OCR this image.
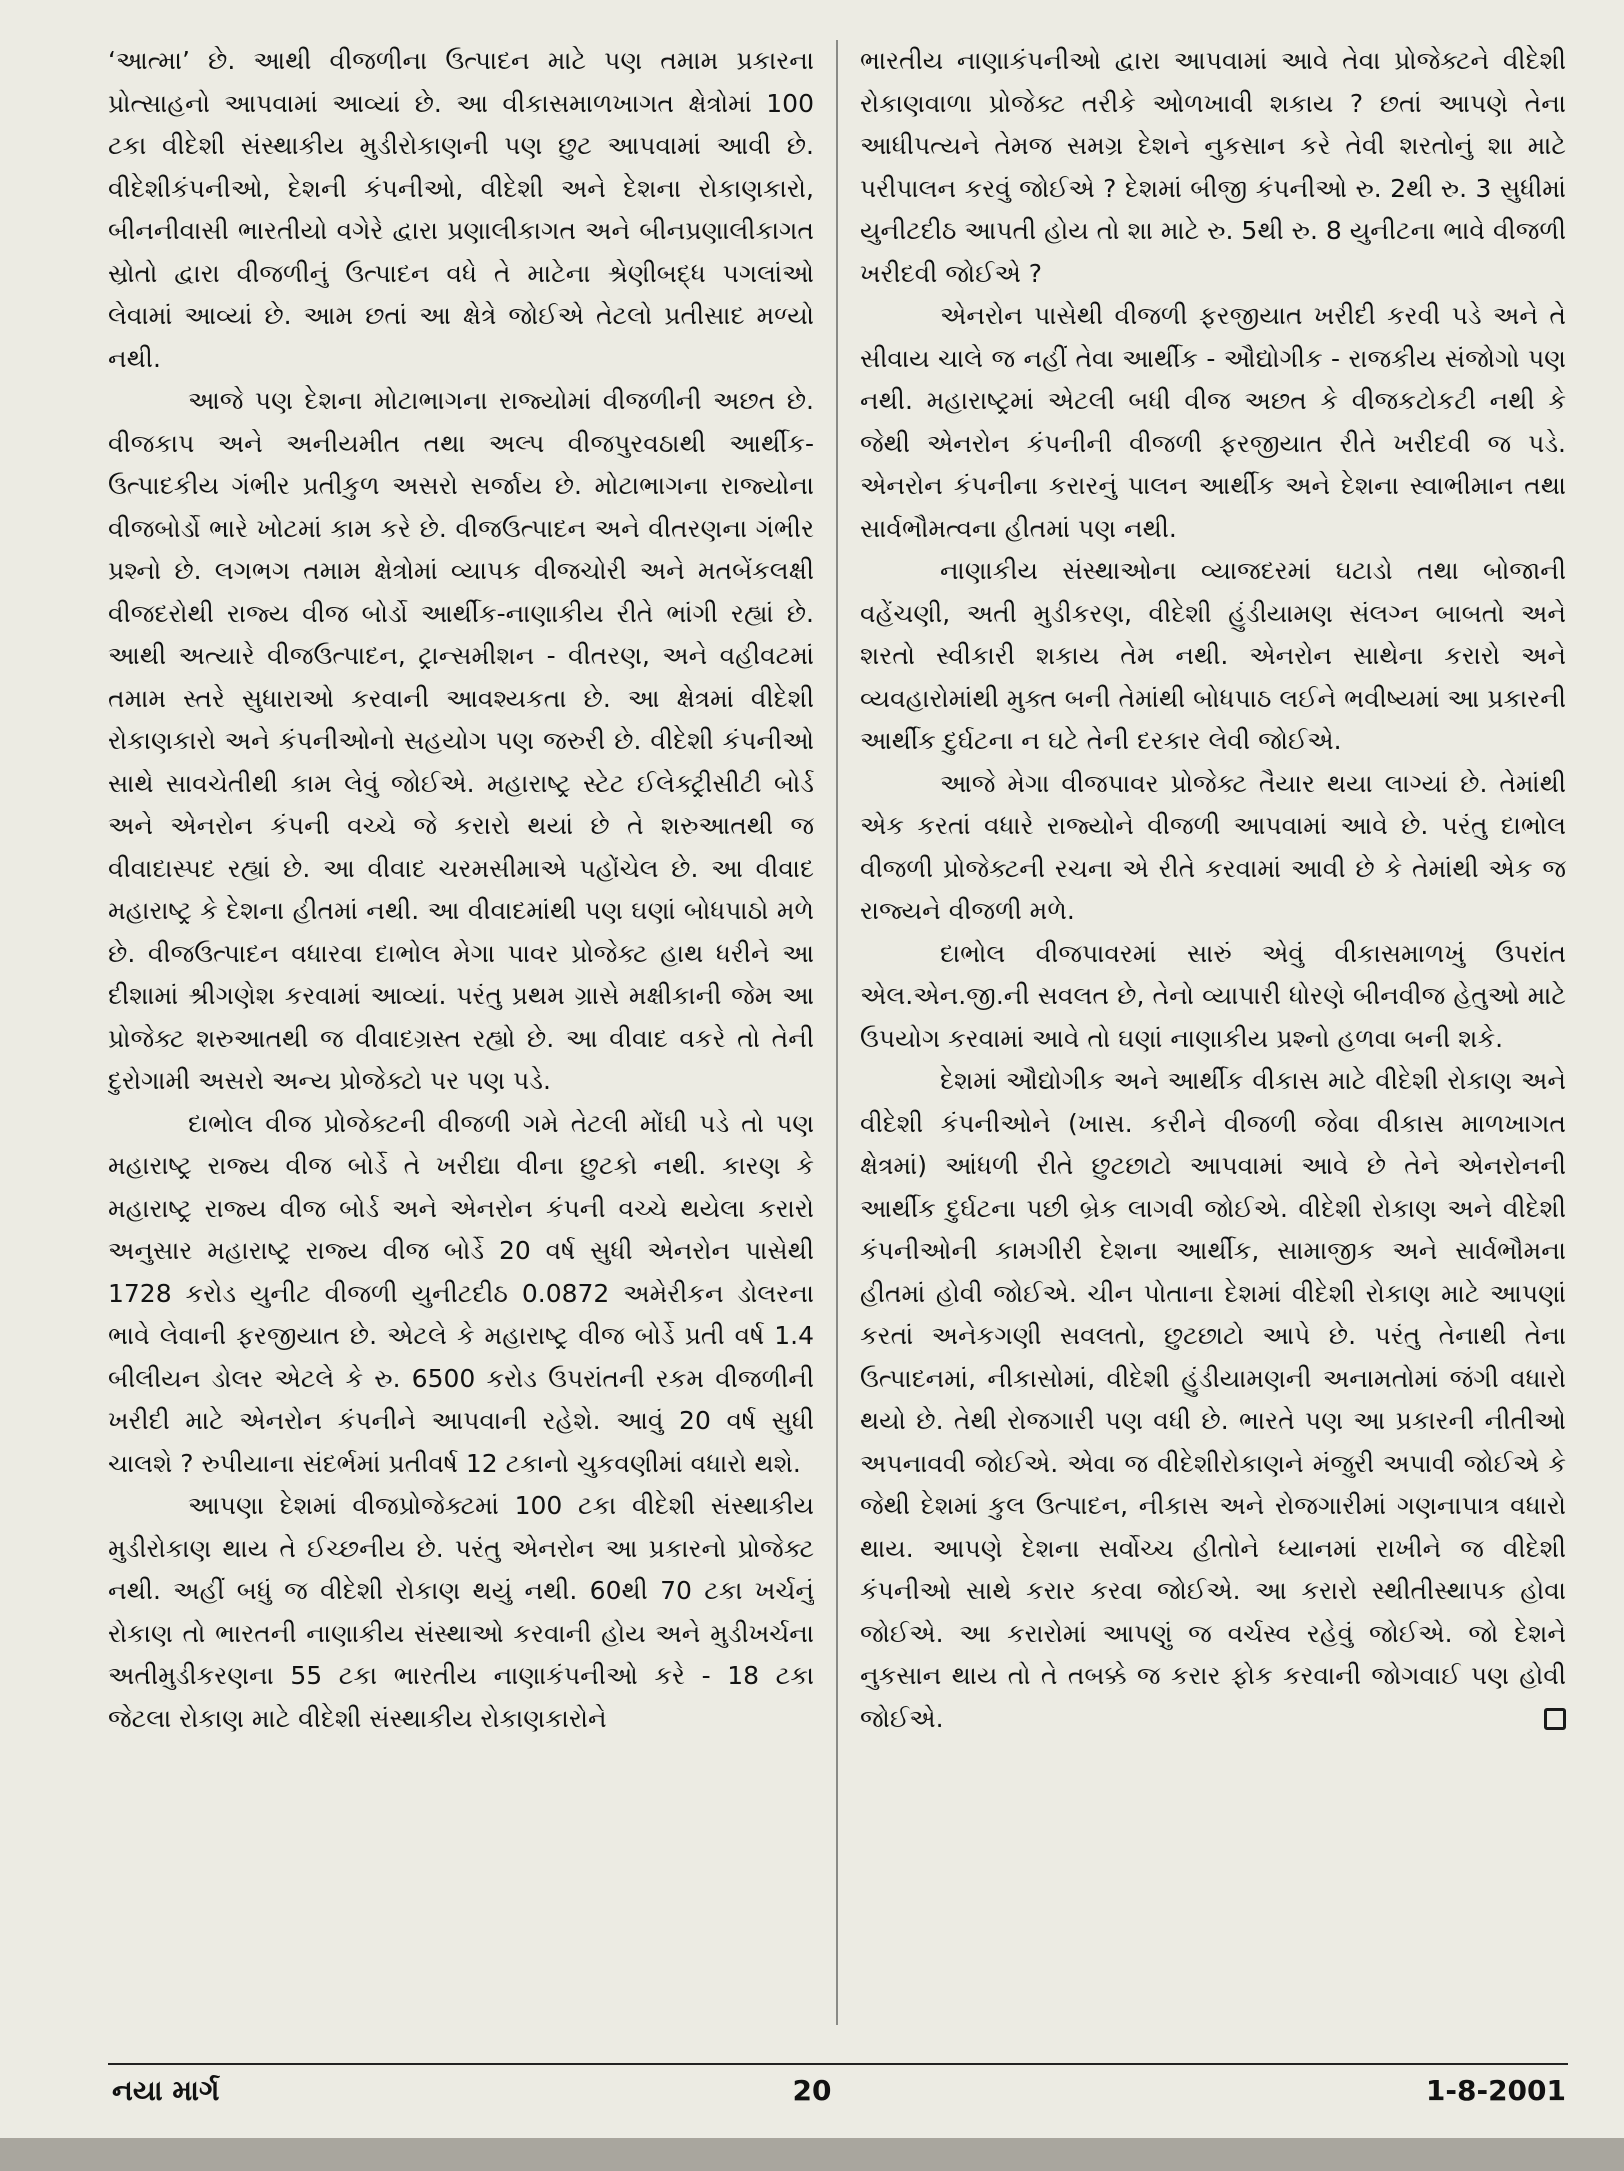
‘આત્મા’ છે. આથી વીજળીના ઉત્પાદન માટે પણ તમામ પ્રકારના પ્રોત્સાહનો આપવામાં આવ્યાં છે. આ વીકાસમાળખાગત ક્ષેત્રોમાં 100 ટકા વીદેશી સંસ્થાકીય મુડીરોકાણની પણ છુટ આપવામાં આવી છે. વીદેશીકંપનીઓ, દેશની કંપનીઓ, વીદેશી અને દેશના રોકાણકારો, બીનનીવાસી ભારતીયો વગેરે દ્વારા પ્રણાલીકાગત અને બીનપ્રણાલીકાગત સ્રોતો દ્વારા વીજળીનું ઉત્પાદન વધે તે માટેના શ્રેણીબદ્ધ પગલાંઓ લેવામાં આવ્યાં છે. આમ છતાં આ ક્ષેત્રે જોઈએ તેટલો પ્રતીસાદ મળ્યો નથી.

આજે પણ દેશના મોટાભાગના રાજ્યોમાં વીજળીની અછત છે. વીજકાપ અને અનીયમીત તથા અલ્પ વીજપુરવઠાથી આર્થીક-ઉત્પાદકીય ગંભીર પ્રતીકુળ અસરો સર્જાય છે. મોટાભાગના રાજ્યોના વીજબોર્ડો ભારે ખોટમાં કામ કરે છે. વીજઉત્પાદન અને વીતરણના ગંભીર પ્રશ્નો છે. લગભગ તમામ ક્ષેત્રોમાં વ્યાપક વીજચોરી અને મતબેંકલક્ષી વીજદરોથી રાજ્ય વીજ બોર્ડો આર્થીક-નાણાકીય રીતે ભાંગી રહ્યાં છે. આથી અત્યારે વીજઉત્પાદન, ટ્રાન્સમીશન - વીતરણ, અને વહીવટમાં તમામ સ્તરે સુધારાઓ કરવાની આવશ્યકતા છે. આ ક્ષેત્રમાં વીદેશી રોકાણકારો અને કંપનીઓનો સહયોગ પણ જરુરી છે. વીદેશી કંપનીઓ સાથે સાવચેતીથી કામ લેવું જોઈએ. મહારાષ્ટ્ર સ્ટેટ ઈલેક્ટ્રીસીટી બોર્ડ અને એનરોન કંપની વચ્ચે જે કરારો થયાં છે તે શરુઆતથી જ વીવાદાસ્પદ રહ્યાં છે. આ વીવાદ ચરમસીમાએ પહોંચેલ છે. આ વીવાદ મહારાષ્ટ્ર કે દેશના હીતમાં નથી. આ વીવાદમાંથી પણ ઘણાં બોધપાઠો મળે છે. વીજઉત્પાદન વધારવા દાભોલ મેગા પાવર પ્રોજેક્ટ હાથ ધરીને આ દીશામાં શ્રીગણેશ કરવામાં આવ્યાં. પરંતુ પ્રથમ ગ્રાસે મક્ષીકાની જેમ આ પ્રોજેક્ટ શરુઆતથી જ વીવાદગ્રસ્ત રહ્યો છે. આ વીવાદ વકરે તો તેની દુરોગામી અસરો અન્ય પ્રોજેક્ટો પર પણ પડે.

દાભોલ વીજ પ્રોજેક્ટની વીજળી ગમે તેટલી મોંઘી પડે તો પણ મહારાષ્ટ્ર રાજ્ય વીજ બોર્ડે તે ખરીદ્યા વીના છુટકો નથી. કારણ કે મહારાષ્ટ્ર રાજ્ય વીજ બોર્ડ અને એનરોન કંપની વચ્ચે થયેલા કરારો અનુસાર મહારાષ્ટ્ર રાજ્ય વીજ બોર્ડે 20 વર્ષ સુધી એનરોન પાસેથી 1728 કરોડ યુનીટ વીજળી યુનીટદીઠ 0.0872 અમેરીકન ડોલરના ભાવે લેવાની ફરજીયાત છે. એટલે કે મહારાષ્ટ્ર વીજ બોર્ડે પ્રતી વર્ષ 1.4 બીલીયન ડોલર એટલે કે રુ. 6500 કરોડ ઉપરાંતની રકમ વીજળીની ખરીદી માટે એનરોન કંપનીને આપવાની રહેશે. આવું 20 વર્ષ સુધી ચાલશે ? રુપીયાના સંદર્ભમાં પ્રતીવર્ષ 12 ટકાનો ચુકવણીમાં વધારો થશે.

આપણા દેશમાં વીજપ્રોજેક્ટમાં 100 ટકા વીદેશી સંસ્થાકીય મુડીરોકાણ થાય તે ઈચ્છનીય છે. પરંતુ એનરોન આ પ્રકારનો પ્રોજેક્ટ નથી. અહીં બધું જ વીદેશી રોકાણ થયું નથી. 60થી 70 ટકા ખર્ચનું રોકાણ તો ભારતની નાણાકીય સંસ્થાઓ કરવાની હોય અને મુડીખર્ચના અતીમુડીકરણના 55 ટકા ભારતીય નાણાકંપનીઓ કરે - 18 ટકા જેટલા રોકાણ માટે વીદેશી સંસ્થાકીય રોકાણકારોને

ભારતીય નાણાકંપનીઓ દ્વારા આપવામાં આવે તેવા પ્રોજેક્ટને વીદેશી રોકાણવાળા પ્રોજેક્ટ તરીકે ઓળખાવી શકાય ? છતાં આપણે તેના આધીપત્યને તેમજ સમગ્ર દેશને નુકસાન કરે તેવી શરતોનું શા માટે પરીપાલન કરવું જોઈએ ? દેશમાં બીજી કંપનીઓ રુ. 2થી રુ. 3 સુધીમાં યુનીટદીઠ આપતી હોય તો શા માટે રુ. 5થી રુ. 8 યુનીટના ભાવે વીજળી ખરીદવી જોઈએ ?

એનરોન પાસેથી વીજળી ફરજીયાત ખરીદી કરવી પડે અને તે સીવાય ચાલે જ નહીં તેવા આર્થીક - ઔદ્યોગીક - રાજકીય સંજોગો પણ નથી. મહારાષ્ટ્રમાં એટલી બધી વીજ અછત કે વીજકટોકટી નથી કે જેથી એનરોન કંપનીની વીજળી ફરજીયાત રીતે ખરીદવી જ પડે. એનરોન કંપનીના કરારનું પાલન આર્થીક અને દેશના સ્વાભીમાન તથા સાર્વભૌમત્વના હીતમાં પણ નથી.

નાણાકીય સંસ્થાઓના વ્યાજદરમાં ઘટાડો તથા બોજાની વહેંચણી, અતી મુડીકરણ, વીદેશી હુંડીયામણ સંલગ્ન બાબતો અને શરતો સ્વીકારી શકાય તેમ નથી. એનરોન સાથેના કરારો અને વ્યવહારોમાંથી મુક્ત બની તેમાંથી બોધપાઠ લઈને ભવીષ્યમાં આ પ્રકારની આર્થીક દુર્ઘટના ન ઘટે તેની દરકાર લેવી જોઈએ.

આજે મેગા વીજપાવર પ્રોજેક્ટ તૈયાર થયા લાગ્યાં છે. તેમાંથી એક કરતાં વધારે રાજ્યોને વીજળી આપવામાં આવે છે. પરંતુ દાભોલ વીજળી પ્રોજેક્ટની રચના એ રીતે કરવામાં આવી છે કે તેમાંથી એક જ રાજ્યને વીજળી મળે.

દાભોલ વીજપાવરમાં સારું એવું વીકાસમાળખું ઉપરાંત એલ.એન.જી.ની સવલત છે, તેનો વ્યાપારી ધોરણે બીનવીજ હેતુઓ માટે ઉપયોગ કરવામાં આવે તો ઘણાં નાણાકીય પ્રશ્નો હળવા બની શકે.

દેશમાં ઔદ્યોગીક અને આર્થીક વીકાસ માટે વીદેશી રોકાણ અને વીદેશી કંપનીઓને (ખાસ. કરીને વીજળી જેવા વીકાસ માળખાગત ક્ષેત્રમાં) આંધળી રીતે છુટછાટો આપવામાં આવે છે તેને એનરોનની આર્થીક દુર્ઘટના પછી બ્રેક લાગવી જોઈએ. વીદેશી રોકાણ અને વીદેશી કંપનીઓની કામગીરી દેશના આર્થીક, સામાજીક અને સાર્વભૌમના હીતમાં હોવી જોઈએ. ચીન પોતાના દેશમાં વીદેશી રોકાણ માટે આપણાં કરતાં અનેકગણી સવલતો, છુટછાટો આપે છે. પરંતુ તેનાથી તેના ઉત્પાદનમાં, નીકાસોમાં, વીદેશી હુંડીયામણની અનામતોમાં જંગી વધારો થયો છે. તેથી રોજગારી પણ વધી છે. ભારતે પણ આ પ્રકારની નીતીઓ અપનાવવી જોઈએ. એવા જ વીદેશીરોકાણને મંજુરી અપાવી જોઈએ કે જેથી દેશમાં કુલ ઉત્પાદન, નીકાસ અને રોજગારીમાં ગણનાપાત્ર વધારો થાય. આપણે દેશના સર્વોચ્ચ હીતોને ધ્યાનમાં રાખીને જ વીદેશી કંપનીઓ સાથે કરાર કરવા જોઈએ. આ કરારો સ્થીતીસ્થાપક હોવા જોઈએ. આ કરારોમાં આપણું જ વર્ચસ્વ રહેવું જોઈએ. જો દેશને નુકસાન થાય તો તે તબક્કે જ કરાર ફોક કરવાની જોગવાઈ પણ હોવી જોઈએ.

નયા માર્ગ	20	1-8-2001
